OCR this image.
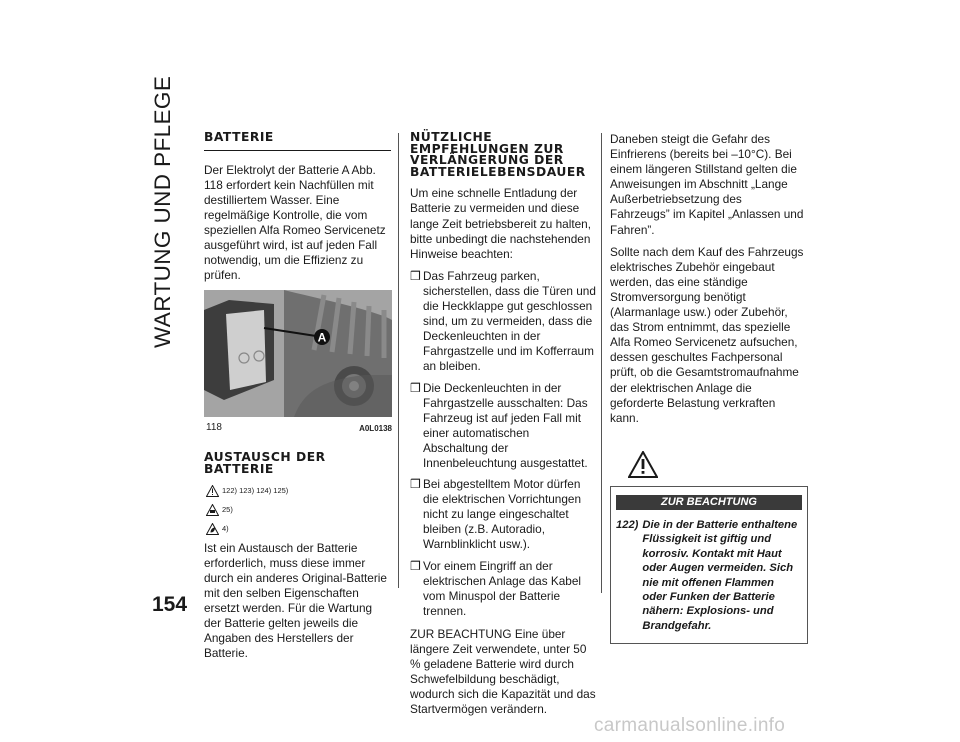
WARTUNG UND PFLEGE
154
BATTERIE

Der Elektrolyt der Batterie A Abb. 118 erfordert kein Nachfüllen mit destilliertem Wasser. Eine regelmäßige Kontrolle, die vom speziellen Alfa Romeo Servicenetz ausgeführt wird, ist auf jeden Fall notwendig, um die Effizienz zu prüfen.

A
118	A0L0138
AUSTAUSCH DER BATTERIE
122) 123) 124) 125)
25)
4)

Ist ein Austausch der Batterie erforderlich, muss diese immer durch ein anderes Original-Batterie mit den selben Eigenschaften ersetzt werden. Für die Wartung der Batterie gelten jeweils die Angaben des Herstellers der Batterie.

NÜTZLICHE EMPFEHLUNGEN ZUR VERLÄNGERUNG DER BATTERIELEBENSDAUER

Um eine schnelle Entladung der Batterie zu vermeiden und diese lange Zeit betriebsbereit zu halten, bitte unbedingt die nachstehenden Hinweise beachten:

❒ Das Fahrzeug parken, sicherstellen, dass die Türen und die Heckklappe gut geschlossen sind, um zu vermeiden, dass die Deckenleuchten in der Fahrgastzelle und im Kofferraum an bleiben.
❒ Die Deckenleuchten in der Fahrgastzelle ausschalten: Das Fahrzeug ist auf jeden Fall mit einer automatischen Abschaltung der Innenbeleuchtung ausgestattet.
❒ Bei abgestelltem Motor dürfen die elektrischen Vorrichtungen nicht zu lange eingeschaltet bleiben (z.B. Autoradio, Warnblinklicht usw.).
❒ Vor einem Eingriff an der elektrischen Anlage das Kabel vom Minuspol der Batterie trennen.

ZUR BEACHTUNG Eine über längere Zeit verwendete, unter 50 % geladene Batterie wird durch Schwefelbildung beschädigt, wodurch sich die Kapazität und das Startvermögen verändern.

Daneben steigt die Gefahr des Einfrierens (bereits bei –10°C). Bei einem längeren Stillstand gelten die Anweisungen im Abschnitt „Lange Außerbetriebsetzung des Fahrzeugs” im Kapitel „Anlassen und Fahren”.

Sollte nach dem Kauf des Fahrzeugs elektrisches Zubehör eingebaut werden, das eine ständige Stromversorgung benötigt (Alarmanlage usw.) oder Zubehör, das Strom entnimmt, das spezielle Alfa Romeo Servicenetz aufsuchen, dessen geschultes Fachpersonal prüft, ob die Gesamtstromaufnahme der elektrischen Anlage die geforderte Belastung verkraften kann.

ZUR BEACHTUNG
122) Die in der Batterie enthaltene Flüssigkeit ist giftig und korrosiv. Kontakt mit Haut oder Augen vermeiden. Sich nie mit offenen Flammen oder Funken der Batterie nähern: Explosions- und Brandgefahr.
carmanualsonline.info
